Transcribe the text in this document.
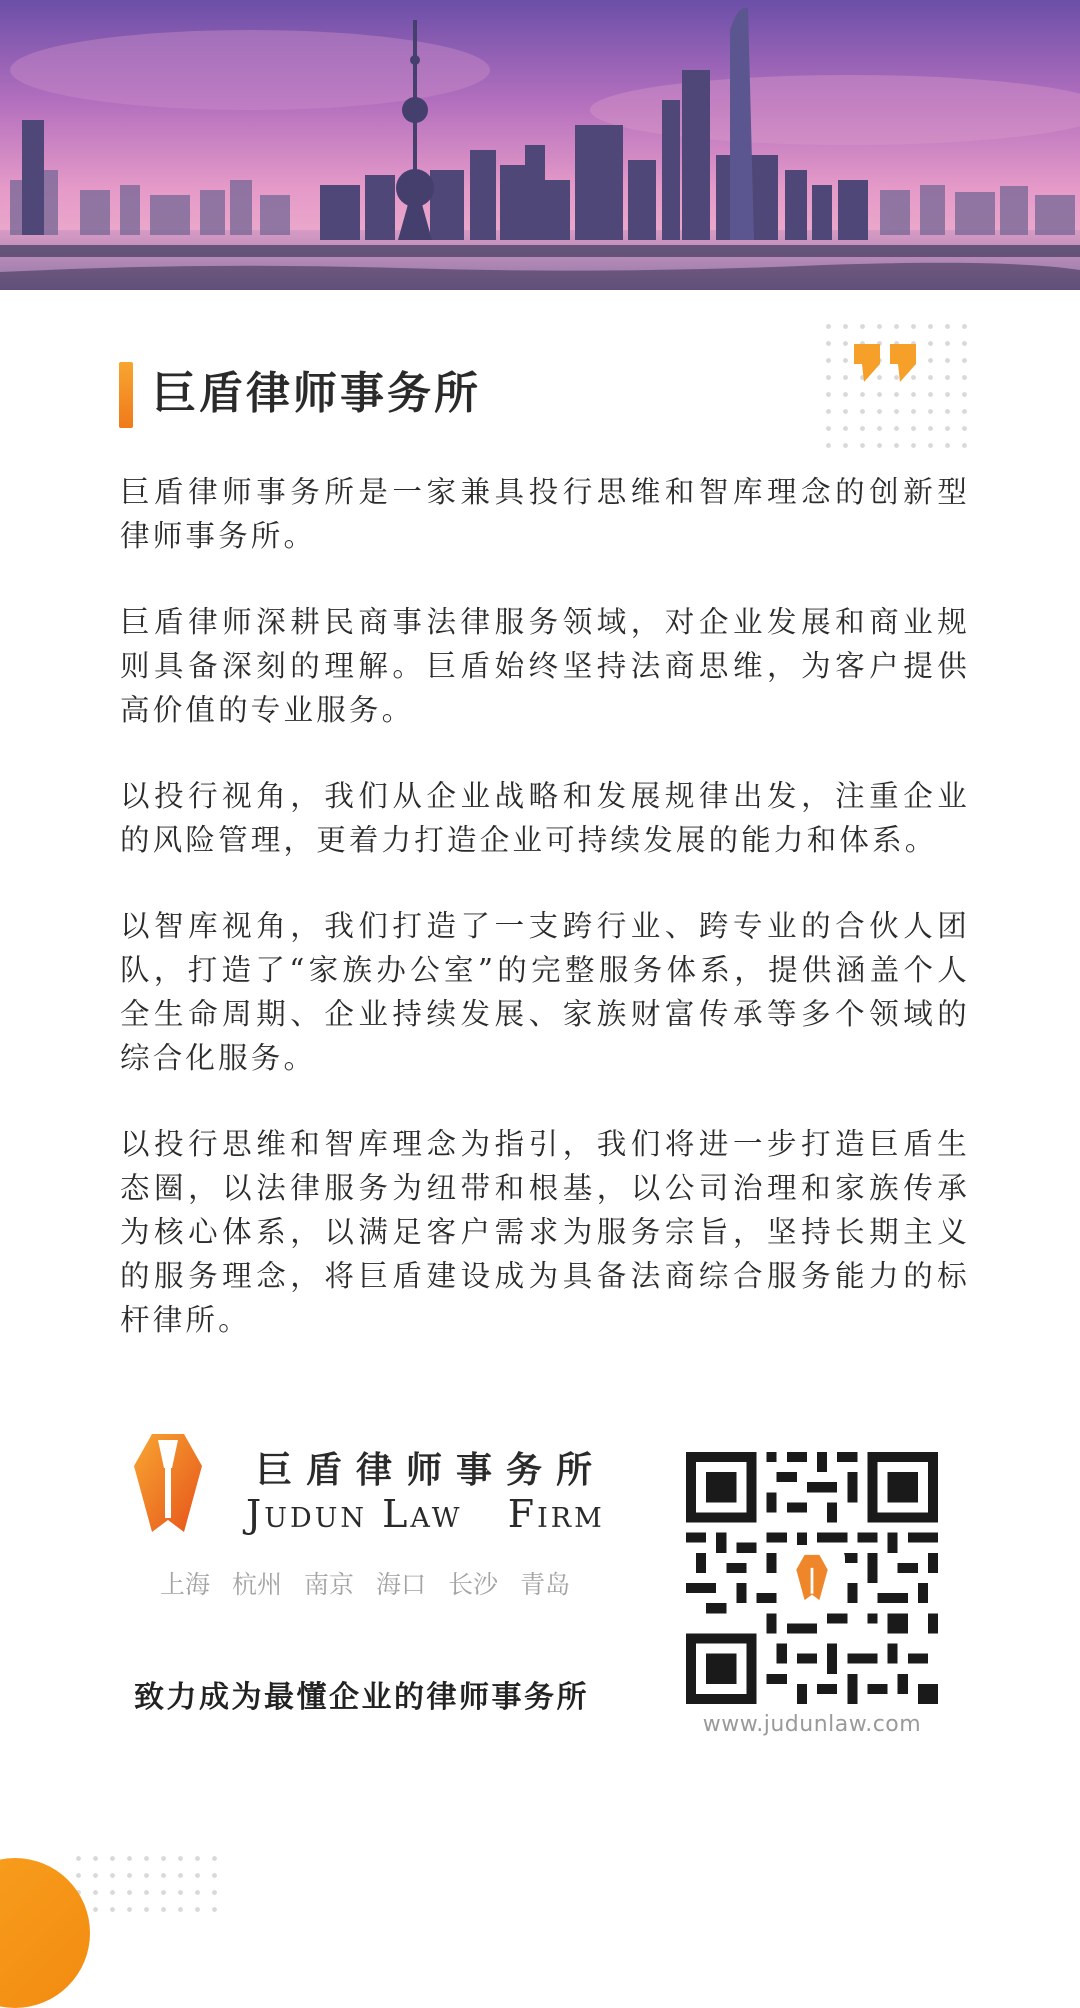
巨盾律师事务所

巨盾律师事务所是一家兼具投行思维和智库理念的创新型律师事务所。

巨盾律师深耕民商事法律服务领域，对企业发展和商业规则具备深刻的理解。巨盾始终坚持法商思维，为客户提供高价值的专业服务。

以投行视角，我们从企业战略和发展规律出发，注重企业的风险管理，更着力打造企业可持续发展的能力和体系。

以智库视角，我们打造了一支跨行业、跨专业的合伙人团队，打造了“家族办公室”的完整服务体系，提供涵盖个人全生命周期、企业持续发展、家族财富传承等多个领域的综合化服务。

以投行思维和智库理念为指引，我们将进一步打造巨盾生态圈，以法律服务为纽带和根基，以公司治理和家族传承为核心体系，以满足客户需求为服务宗旨，坚持长期主义的服务理念，将巨盾建设成为具备法商综合服务能力的标杆律所。

巨盾律师事务所
Judun Law   Firm
上海 杭州 南京 海口 长沙 青岛
致力成为最懂企业的律师事务所
www.judunlaw.com
